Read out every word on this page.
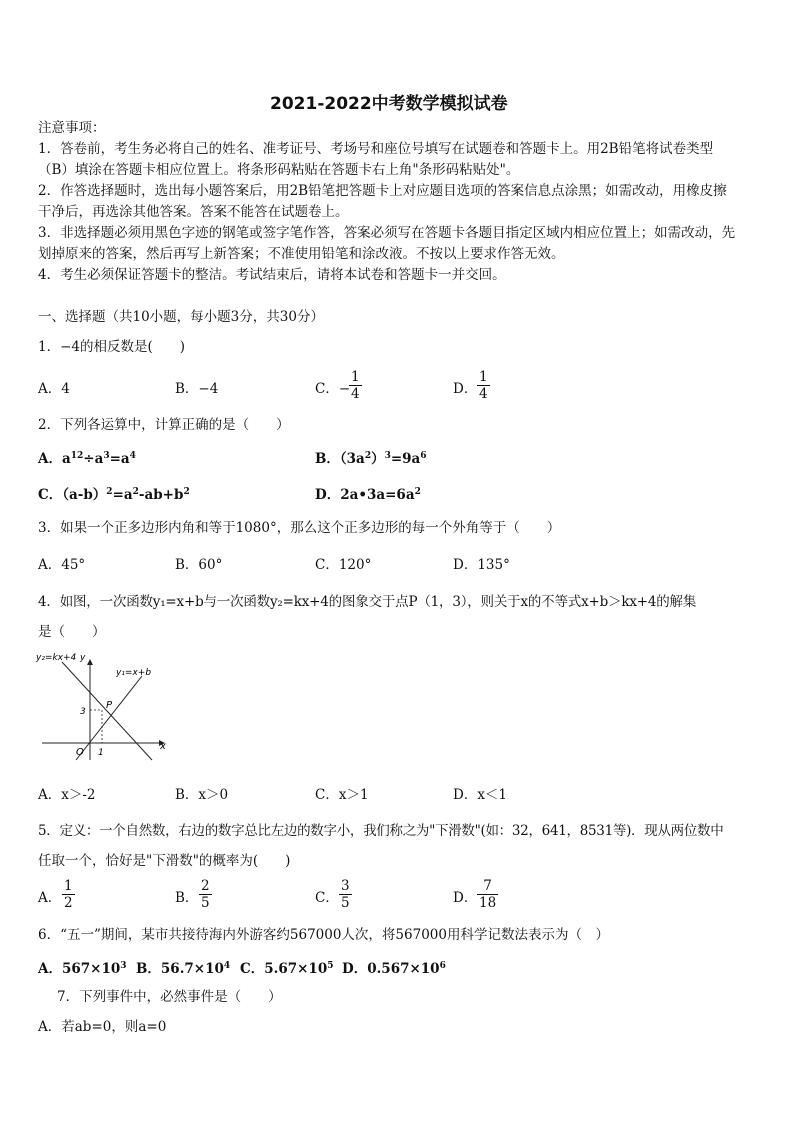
2021-2022中考数学模拟试卷
注意事项：
1．答卷前，考生务必将自己的姓名、准考证号、考场号和座位号填写在试题卷和答题卡上。用2B铅笔将试卷类型
（B）填涂在答题卡相应位置上。将条形码粘贴在答题卡右上角"条形码粘贴处"。
2．作答选择题时，选出每小题答案后，用2B铅笔把答题卡上对应题目选项的答案信息点涂黑；如需改动，用橡皮擦
干净后，再选涂其他答案。答案不能答在试题卷上。
3．非选择题必须用黑色字迹的钢笔或签字笔作答，答案必须写在答题卡各题目指定区域内相应位置上；如需改动，先
划掉原来的答案，然后再写上新答案；不准使用铅笔和涂改液。不按以上要求作答无效。
4．考生必须保证答题卡的整洁。考试结束后，请将本试卷和答题卡一并交回。
一、选择题（共10小题，每小题3分，共30分）
1．−4的相反数是(　　)
A．4	B．−4	C．−
$\frac{1}{4}$	D． $\frac{1}{4}$
2．下列各运算中，计算正确的是（　　）
A．$a^{12}\div a^3=a^4$	B．$(3a^2)^3=9a^6$
C．$(a-b)^2=a^2-ab+b^2$	D．$2a•3a=6a^2$
3．如果一个正多边形内角和等于1080°，那么这个正多边形的每一个外角等于（　　）
A．45°	B．60°	C．120°	D．135°
4．如图，一次函数y₁=x+b与一次函数y₂=kx+4的图象交于点P（1，3），则关于x的不等式x+b＞kx+4的解集
是（　　）
y₂=kx+4 y
y₁=x+b
P
3
O 1
x
A．x＞-2	B．x＞0	C．x＞1	D．x＜1
5．定义：一个自然数，右边的数字总比左边的数字小，我们称之为"下滑数"(如：32，641，8531等)．现从两位数中
任取一个，恰好是"下滑数"的概率为(　　)
A． $\frac{1}{2}$	B． $\frac{2}{5}$	C． $\frac{3}{5}$	D． $\frac{7}{18}$
6．“五一”期间，某市共接待海内外游客约567000人次，将567000用科学记数法表示为（　）
A．$567\times 10^3$ B．$56.7\times 10^4$ C．$5.67\times 10^5$ D．$0.567\times 10^6$
7．下列事件中，必然事件是（　　）
A．若ab=0，则a=0
